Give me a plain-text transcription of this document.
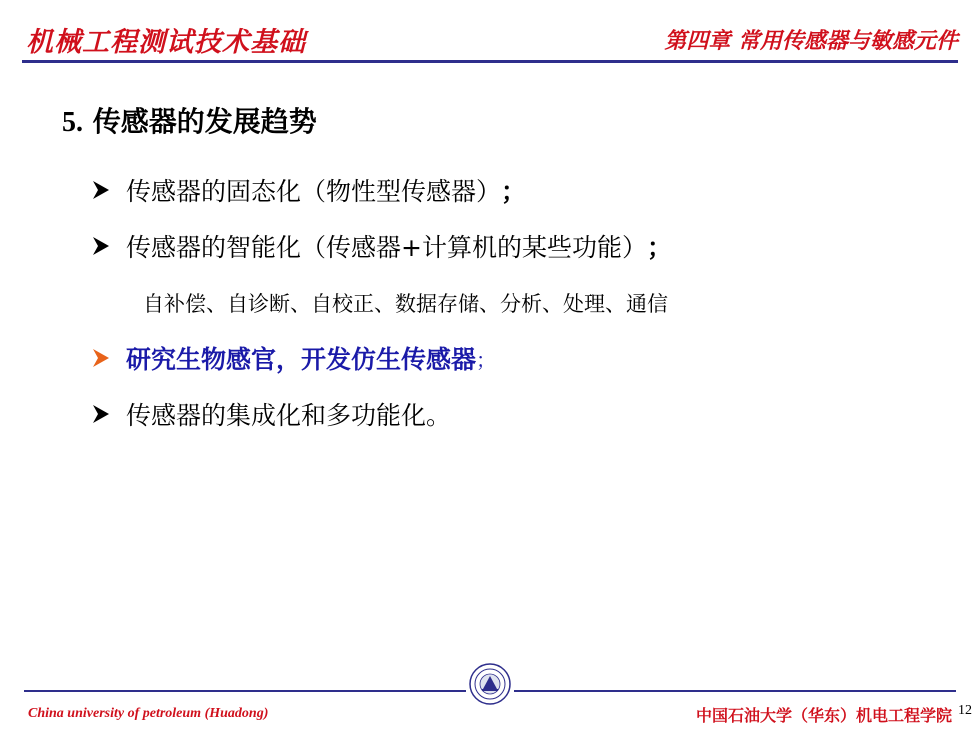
机械工程测试技术基础	第四章 常用传感器与敏感元件
5. 传感器的发展趋势
传感器的固态化（物性型传感器） ；
传感器的智能化（传感器+计算机的某些功能） ；
自补偿、自诊断、自校正、数据存储、分析、处理、通信
研究生物感官，开发仿生传感器 ；
传感器的集成化和多功能化。
China university of petroleum (Huadong)	中国石油大学（华东）机电工程学院 12
